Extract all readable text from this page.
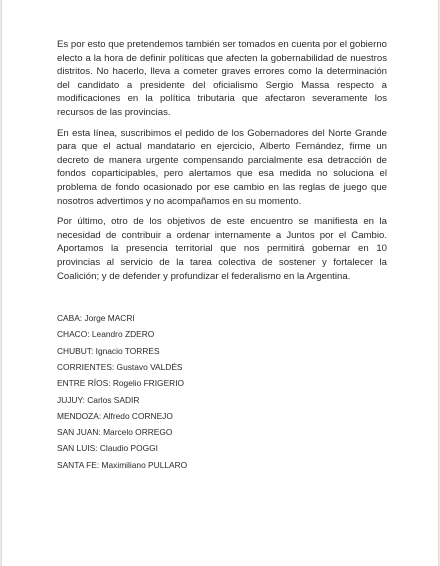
Es por esto que pretendemos también ser tomados en cuenta por el gobierno electo a la hora de definir políticas que afecten la gobernabilidad de nuestros distritos. No hacerlo, lleva a cometer graves errores como la determinación del candidato a presidente del oficialismo Sergio Massa respecto a modificaciones en la política tributaria que afectaron severamente los recursos de las provincias.

En esta línea, suscribimos el pedido de los Gobernadores del Norte Grande para que el actual mandatario en ejercicio, Alberto Fernández, firme un decreto de manera urgente compensando parcialmente esa detracción de fondos coparticipables, pero alertamos que esa medida no soluciona el problema de fondo ocasionado por ese cambio en las reglas de juego que nosotros advertimos y no acompañamos en su momento.

Por último, otro de los objetivos de este encuentro se manifiesta en la necesidad de contribuir a ordenar internamente a Juntos por el Cambio. Aportamos la presencia territorial que nos permitirá gobernar en 10 provincias al servicio de la tarea colectiva de sostener y fortalecer la Coalición; y de defender y profundizar el federalismo en la Argentina.

CABA: Jorge MACRI
CHACO: Leandro ZDERO
CHUBUT: Ignacio TORRES
CORRIENTES: Gustavo VALDÉS
ENTRE RÍOS: Rogelio FRIGERIO
JUJUY: Carlos SADIR
MENDOZA: Alfredo CORNEJO
SAN JUAN: Marcelo ORREGO
SAN LUIS: Claudio POGGI
SANTA FE: Maximiliano PULLARO
